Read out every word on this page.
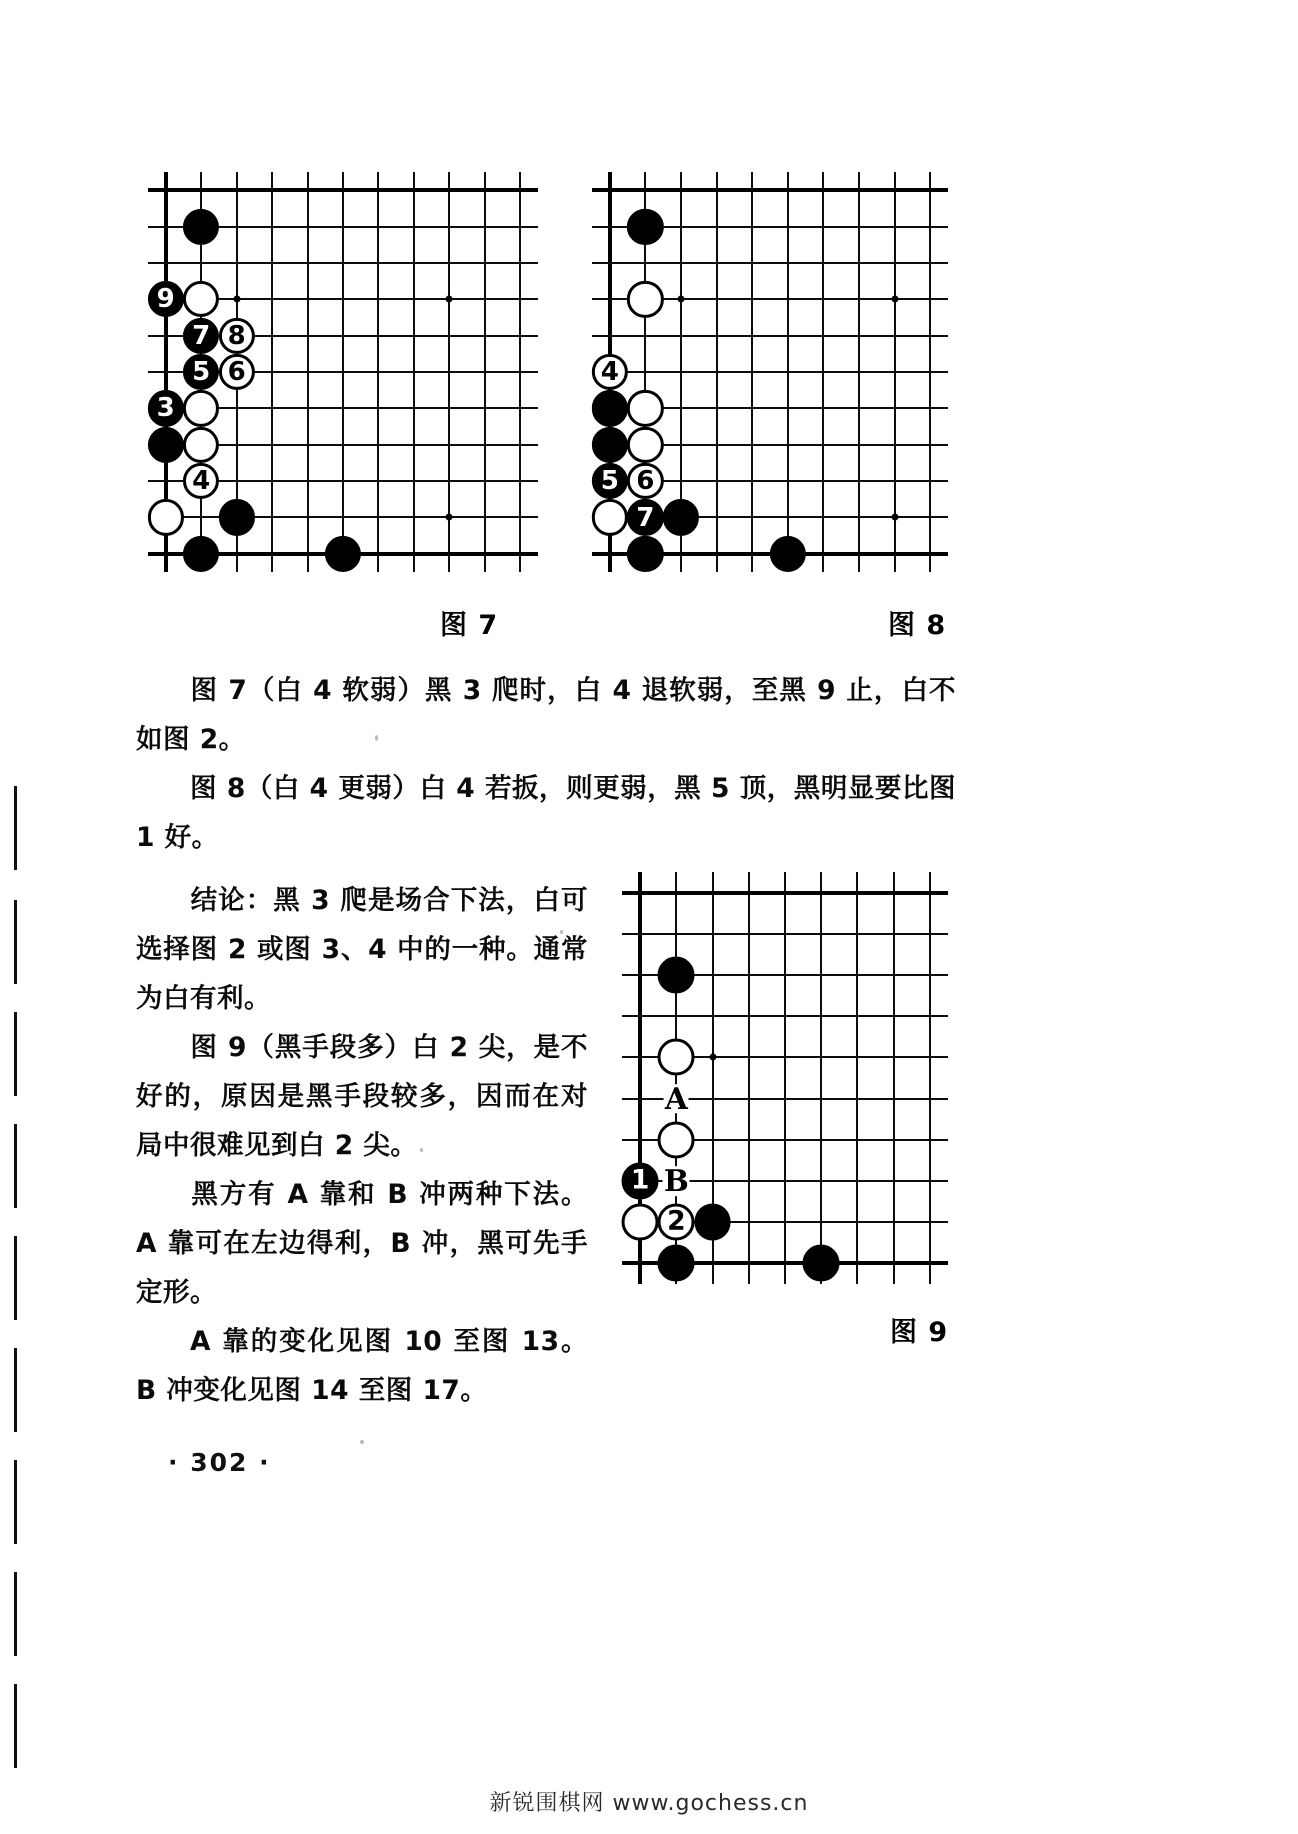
9
7 8
5 6
3
4
图 7
4
5 6
7
图 8
1
2
A
B
图 9
图 7（白 4 软弱）黑 3 爬时，白 4 退软弱，至黑 9 止，白不如图 2。
图 8（白 4 更弱）白 4 若扳，则更弱，黑 5 顶，黑明显要比图 1 好。
结论：黑 3 爬是场合下法，白可选择图 2 或图 3、4 中的一种。通常为白有利。
图 9（黑手段多）白 2 尖，是不好的，原因是黑手段较多，因而在对局中很难见到白 2 尖。
黑方有 A 靠和 B 冲两种下法。A 靠可在左边得利，B 冲，黑可先手定形。
A 靠的变化见图 10 至图 13。B 冲变化见图 14 至图 17。
· 302 ·
新锐围棋网 www.gochess.cn
